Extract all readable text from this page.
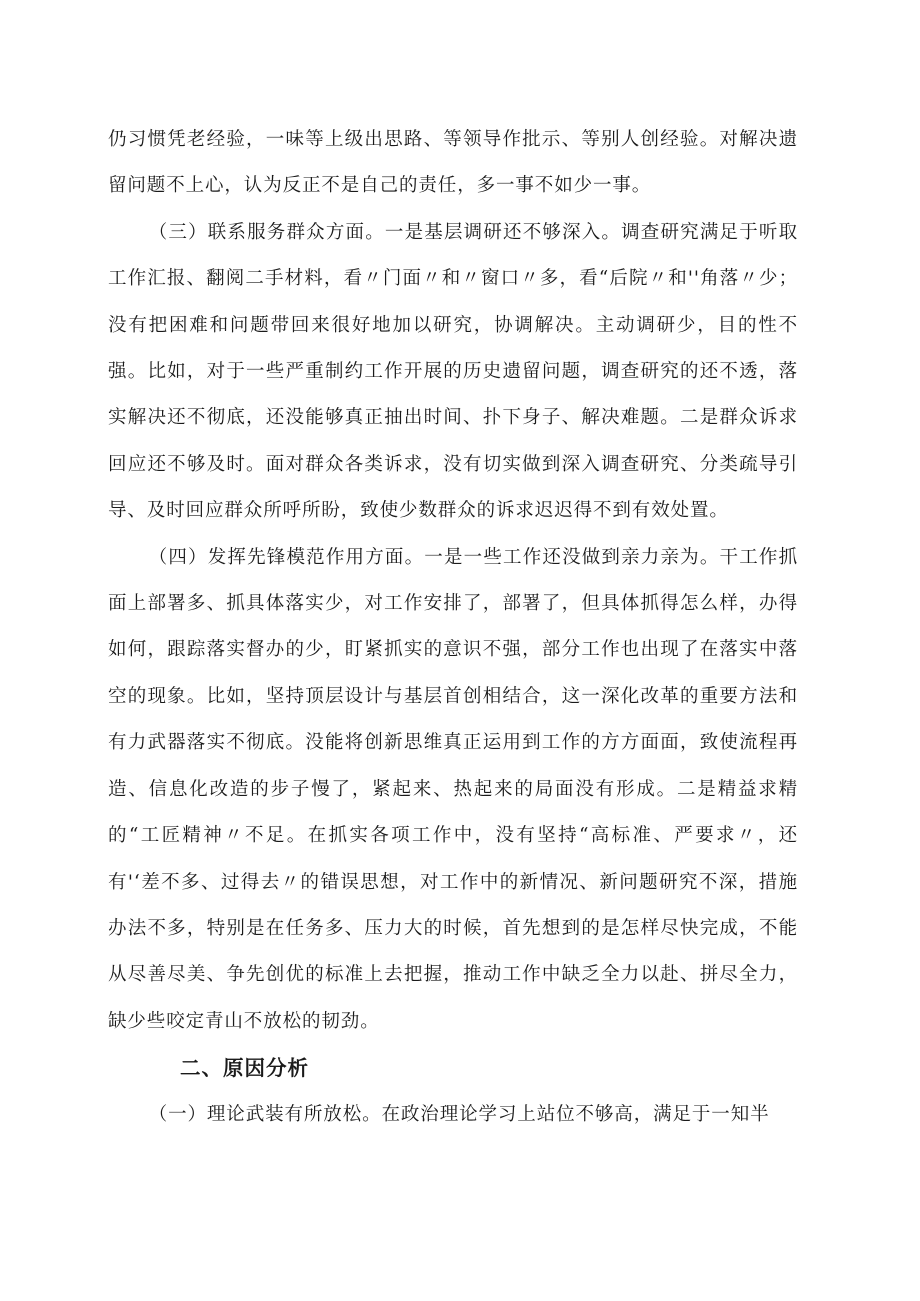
仍习惯凭老经验，一味等上级出思路、等领导作批示、等别人创经验。对解决遗留问题不上心，认为反正不是自己的责任，多一事不如少一事。

（三）联系服务群众方面。一是基层调研还不够深入。调查研究满足于听取工作汇报、翻阅二手材料，看〃门面〃和〃窗口〃多，看“后院〃和''角落〃少；没有把困难和问题带回来很好地加以研究，协调解决。主动调研少，目的性不强。比如，对于一些严重制约工作开展的历史遗留问题，调查研究的还不透，落实解决还不彻底，还没能够真正抽出时间、扑下身子、解决难题。二是群众诉求回应还不够及时。面对群众各类诉求，没有切实做到深入调查研究、分类疏导引导、及时回应群众所呼所盼，致使少数群众的诉求迟迟得不到有效处置。

（四）发挥先锋模范作用方面。一是一些工作还没做到亲力亲为。干工作抓面上部署多、抓具体落实少，对工作安排了，部署了，但具体抓得怎么样，办得如何，跟踪落实督办的少，盯紧抓实的意识不强，部分工作也出现了在落实中落空的现象。比如，坚持顶层设计与基层首创相结合，这一深化改革的重要方法和有力武器落实不彻底。没能将创新思维真正运用到工作的方方面面，致使流程再造、信息化改造的步子慢了，紧起来、热起来的局面没有形成。二是精益求精的“工匠精神〃不足。在抓实各项工作中，没有坚持“高标准、严要求〃，还有'‘差不多、过得去〃的错误思想，对工作中的新情况、新问题研究不深，措施办法不多，特别是在任务多、压力大的时候，首先想到的是怎样尽快完成，不能从尽善尽美、争先创优的标准上去把握，推动工作中缺乏全力以赴、拼尽全力，缺少些咬定青山不放松的韧劲。

二、原因分析

（一）理论武装有所放松。在政治理论学习上站位不够高，满足于一知半
